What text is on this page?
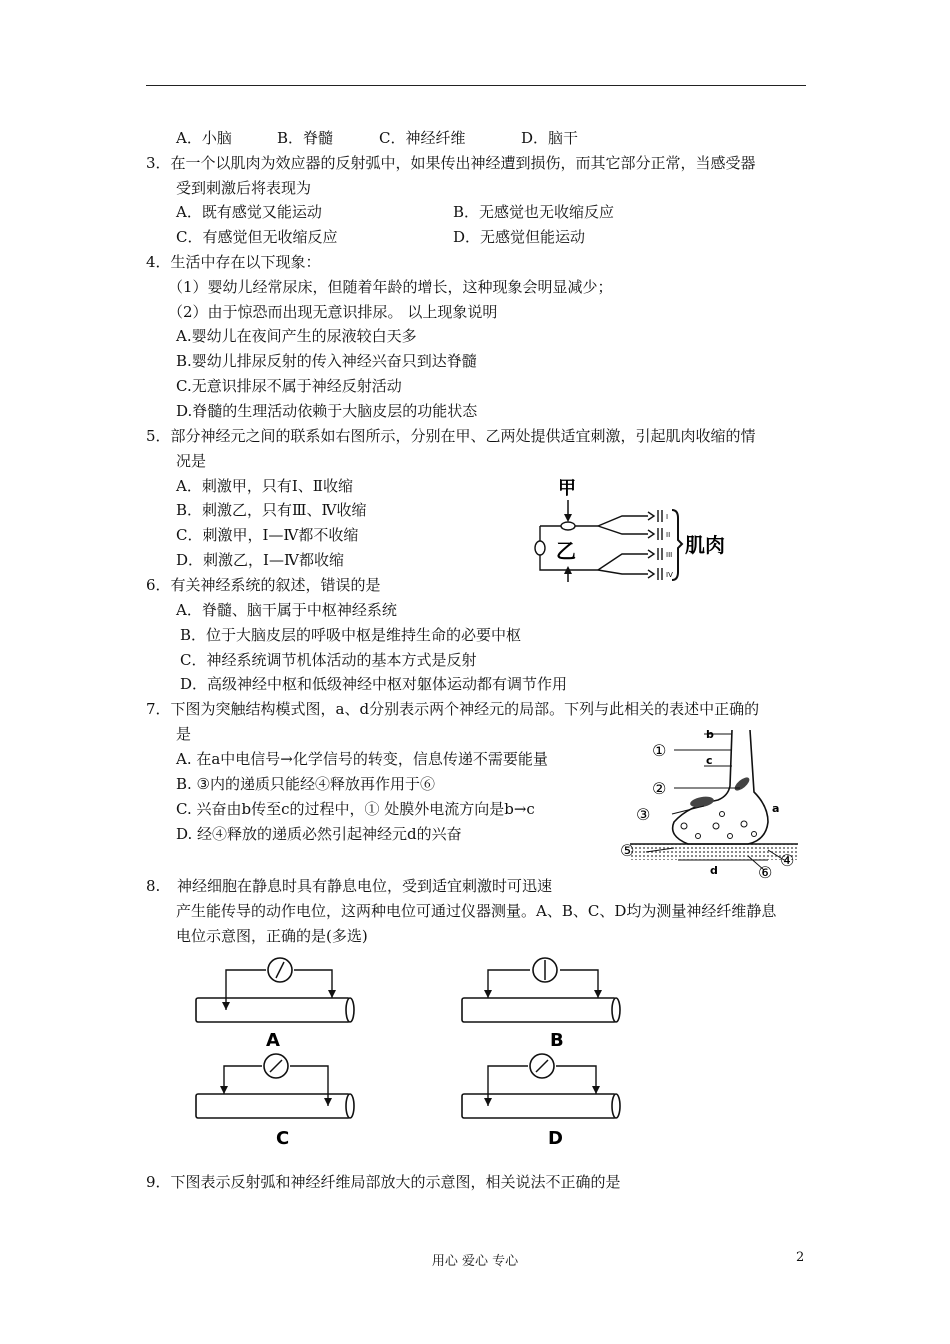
A．小脑	B．脊髓	C．神经纤维	D．脑干
3．在一个以肌肉为效应器的反射弧中，如果传出神经遭到损伤，而其它部分正常，当感受器
受到刺激后将表现为
A．既有感觉又能运动	B．无感觉也无收缩反应
C．有感觉但无收缩反应	D．无感觉但能运动
4．生活中存在以下现象：
（1）婴幼儿经常尿床，但随着年龄的增长，这种现象会明显减少；
（2）由于惊恐而出现无意识排尿。 以上现象说明
A.婴幼儿在夜间产生的尿液较白天多
B.婴幼儿排尿反射的传入神经兴奋只到达脊髓
C.无意识排尿不属于神经反射活动
D.脊髓的生理活动依赖于大脑皮层的功能状态
5．部分神经元之间的联系如右图所示，分别在甲、乙两处提供适宜刺激，引起肌肉收缩的情
况是
A．刺激甲，只有Ⅰ、Ⅱ收缩
B．刺激乙，只有Ⅲ、Ⅳ收缩
C．刺激甲，Ⅰ—Ⅳ都不收缩
D．刺激乙，Ⅰ—Ⅳ都收缩
甲
乙
I
II
III
IV
肌肉
6．有关神经系统的叙述，错误的是
A．脊髓、脑干属于中枢神经系统
B．位于大脑皮层的呼吸中枢是维持生命的必要中枢
C．神经系统调节机体活动的基本方式是反射
D．高级神经中枢和低级神经中枢对躯体运动都有调节作用
7．下图为突触结构模式图，a、d分别表示两个神经元的局部。下列与此相关的表述中正确的
是
A. 在a中电信号→化学信号的转变，信息传递不需要能量
B. ③内的递质只能经④释放再作用于⑥
C. 兴奋由b传至c的过程中，① 处膜外电流方向是b→c
D. 经④释放的递质必然引起神经元d的兴奋
①
②
③
⑤
④
⑥
b
c
a
d
8. 神经细胞在静息时具有静息电位，受到适宜刺激时可迅速
产生能传导的动作电位，这两种电位可通过仪器测量。A、B、C、D均为测量神经纤维静息
电位示意图，正确的是(多选)
A	B
C	D
9．下图表示反射弧和神经纤维局部放大的示意图，相关说法不正确的是
用心 爱心 专心	2
